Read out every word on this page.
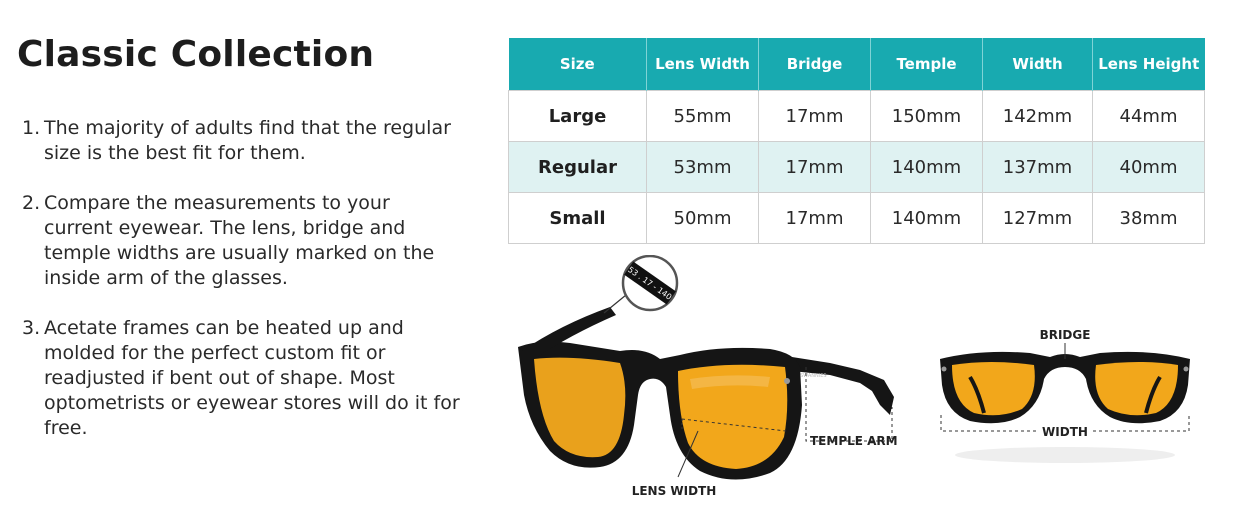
Classic Collection
1. The majority of adults find that the regular size is the best fit for them.
2. Compare the measurements to your current eyewear. The lens, bridge and temple widths are usually marked on the inside arm of the glasses.
3. Acetate frames can be heated up and molded for the perfect custom fit or readjusted if bent out of shape. Most optometrists or eyewear stores will do it for free.
Size	Lens Width	Bridge	Temple	Width	Lens Height
Large	55mm	17mm	150mm	142mm	44mm
Regular	53mm	17mm	140mm	137mm	40mm
Small	50mm	17mm	140mm	127mm	38mm
SWANNIES
53 . 17 - 140
LENS WIDTH
TEMPLE ARM
BRIDGE
WIDTH
